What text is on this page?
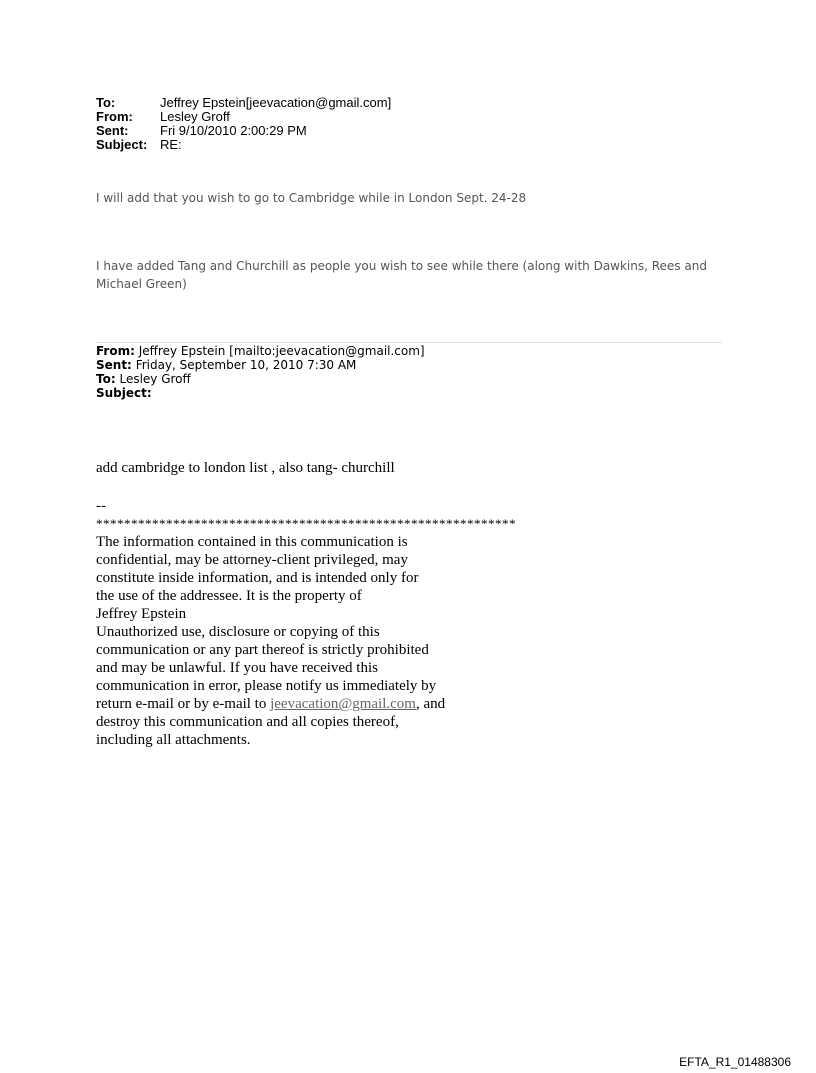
To:	Jeffrey Epstein[jeevacation@gmail.com]
From:	Lesley Groff
Sent:	Fri 9/10/2010 2:00:29 PM
Subject: RE:
I will add that you wish to go to Cambridge while in London Sept. 24-28
I have added Tang and Churchill as people you wish to see while there (along with Dawkins, Rees and Michael Green)
From: Jeffrey Epstein [mailto:jeevacation@gmail.com]
Sent: Friday, September 10, 2010 7:30 AM
To: Lesley Groff
Subject:
add cambridge to london list , also tang- churchill
--
************************************************************
The information contained in this communication is
confidential, may be attorney-client privileged, may
constitute inside information, and is intended only for
the use of the addressee. It is the property of
Jeffrey Epstein
Unauthorized use, disclosure or copying of this
communication or any part thereof is strictly prohibited
and may be unlawful. If you have received this
communication in error, please notify us immediately by
return e-mail or by e-mail to jeevacation@gmail.com, and
destroy this communication and all copies thereof,
including all attachments.
EFTA_R1_01488306
